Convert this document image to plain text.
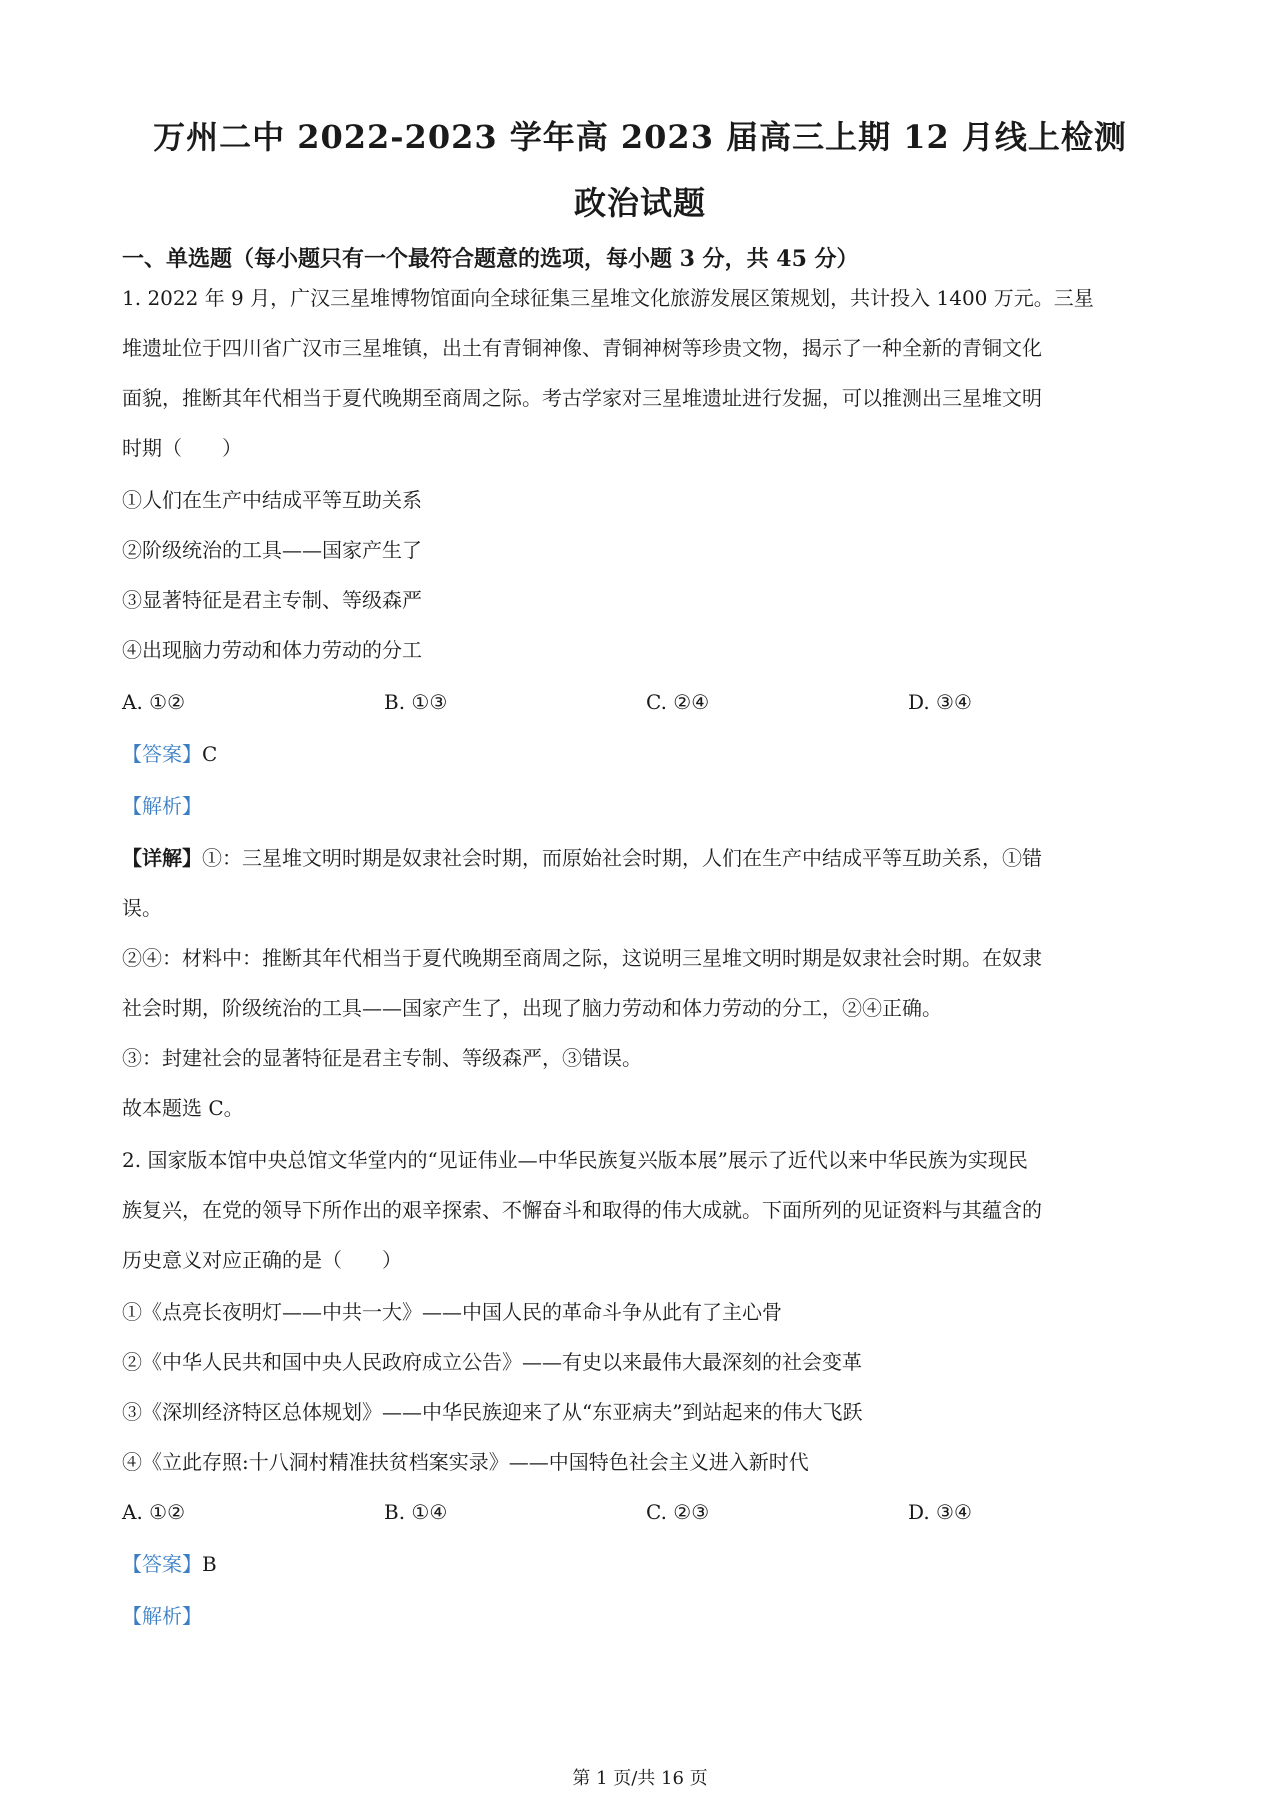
万州二中 2022-2023 学年高 2023 届高三上期 12 月线上检测
政治试题
一、单选题（每小题只有一个最符合题意的选项，每小题 3 分，共 45 分）
1. 2022 年 9 月，广汉三星堆博物馆面向全球征集三星堆文化旅游发展区策规划，共计投入 1400 万元。三星
堆遗址位于四川省广汉市三星堆镇，出土有青铜神像、青铜神树等珍贵文物，揭示了一种全新的青铜文化
面貌，推断其年代相当于夏代晚期至商周之际。考古学家对三星堆遗址进行发掘，可以推测出三星堆文明
时期（　　）
①人们在生产中结成平等互助关系
②阶级统治的工具——国家产生了
③显著特征是君主专制、等级森严
④出现脑力劳动和体力劳动的分工
A. ①②	B. ①③	C. ②④	D. ③④
【答案】C
【解析】
【详解】①：三星堆文明时期是奴隶社会时期，而原始社会时期，人们在生产中结成平等互助关系，①错
误。
②④：材料中：推断其年代相当于夏代晚期至商周之际，这说明三星堆文明时期是奴隶社会时期。在奴隶
社会时期，阶级统治的工具——国家产生了，出现了脑力劳动和体力劳动的分工，②④正确。
③：封建社会的显著特征是君主专制、等级森严，③错误。
故本题选 C。
2. 国家版本馆中央总馆文华堂内的“见证伟业—中华民族复兴版本展”展示了近代以来中华民族为实现民
族复兴，在党的领导下所作出的艰辛探索、不懈奋斗和取得的伟大成就。下面所列的见证资料与其蕴含的
历史意义对应正确的是（　　）
①《点亮长夜明灯——中共一大》——中国人民的革命斗争从此有了主心骨
②《中华人民共和国中央人民政府成立公告》——有史以来最伟大最深刻的社会变革
③《深圳经济特区总体规划》——中华民族迎来了从“东亚病夫”到站起来的伟大飞跃
④《立此存照:十八洞村精准扶贫档案实录》——中国特色社会主义进入新时代
A. ①②	B. ①④	C. ②③	D. ③④
【答案】B
【解析】
第 1 页/共 16 页
